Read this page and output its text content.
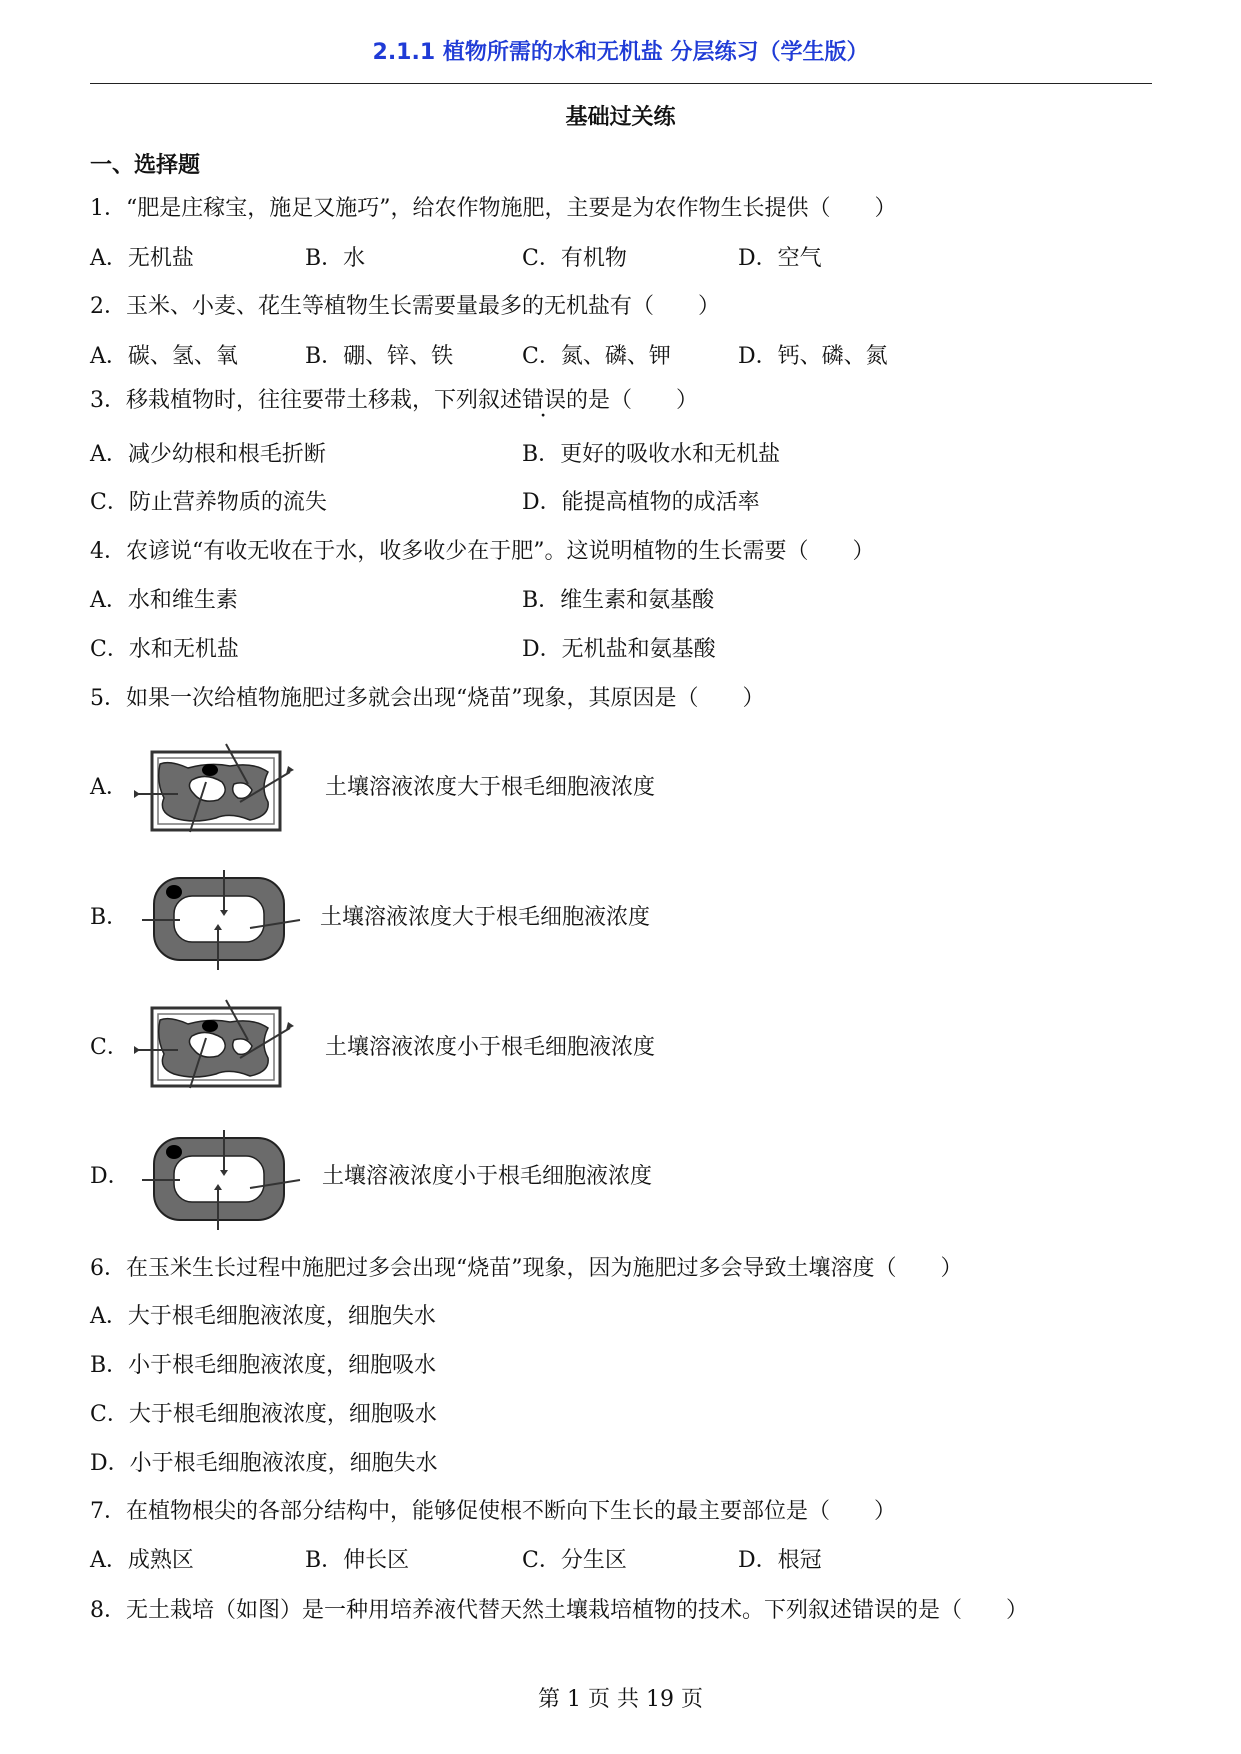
2.1.1 植物所需的水和无机盐 分层练习（学生版）
基础过关练
一、选择题
1．“肥是庄稼宝，施足又施巧”，给农作物施肥，主要是为农作物生长提供（　　）
A．无机盐	B．水	C．有机物	D．空气
2．玉米、小麦、花生等植物生长需要量最多的无机盐有（　　）
A．碳、氢、氧	B．硼、锌、铁	C．氮、磷、钾	D．钙、磷、氮
3．移栽植物时，往往要带土移栽，下列叙述错误的是（　　）
A．减少幼根和根毛折断	B．更好的吸收水和无机盐
C．防止营养物质的流失	D．能提高植物的成活率
4．农谚说“有收无收在于水，收多收少在于肥”。这说明植物的生长需要（　　）
A．水和维生素	B．维生素和氨基酸
C．水和无机盐	D．无机盐和氨基酸
5．如果一次给植物施肥过多就会出现“烧苗”现象，其原因是（　　）
A．	土壤溶液浓度大于根毛细胞液浓度
B．	土壤溶液浓度大于根毛细胞液浓度
C．	土壤溶液浓度小于根毛细胞液浓度
D．	土壤溶液浓度小于根毛细胞液浓度
6．在玉米生长过程中施肥过多会出现“烧苗”现象，因为施肥过多会导致土壤溶度（　　）
A．大于根毛细胞液浓度，细胞失水
B．小于根毛细胞液浓度，细胞吸水
C．大于根毛细胞液浓度，细胞吸水
D．小于根毛细胞液浓度，细胞失水
7．在植物根尖的各部分结构中，能够促使根不断向下生长的最主要部位是（　　）
A．成熟区	B．伸长区	C．分生区	D．根冠
8．无土栽培（如图）是一种用培养液代替天然土壤栽培植物的技术。下列叙述错误的是（　　）
第 1 页 共 19 页
